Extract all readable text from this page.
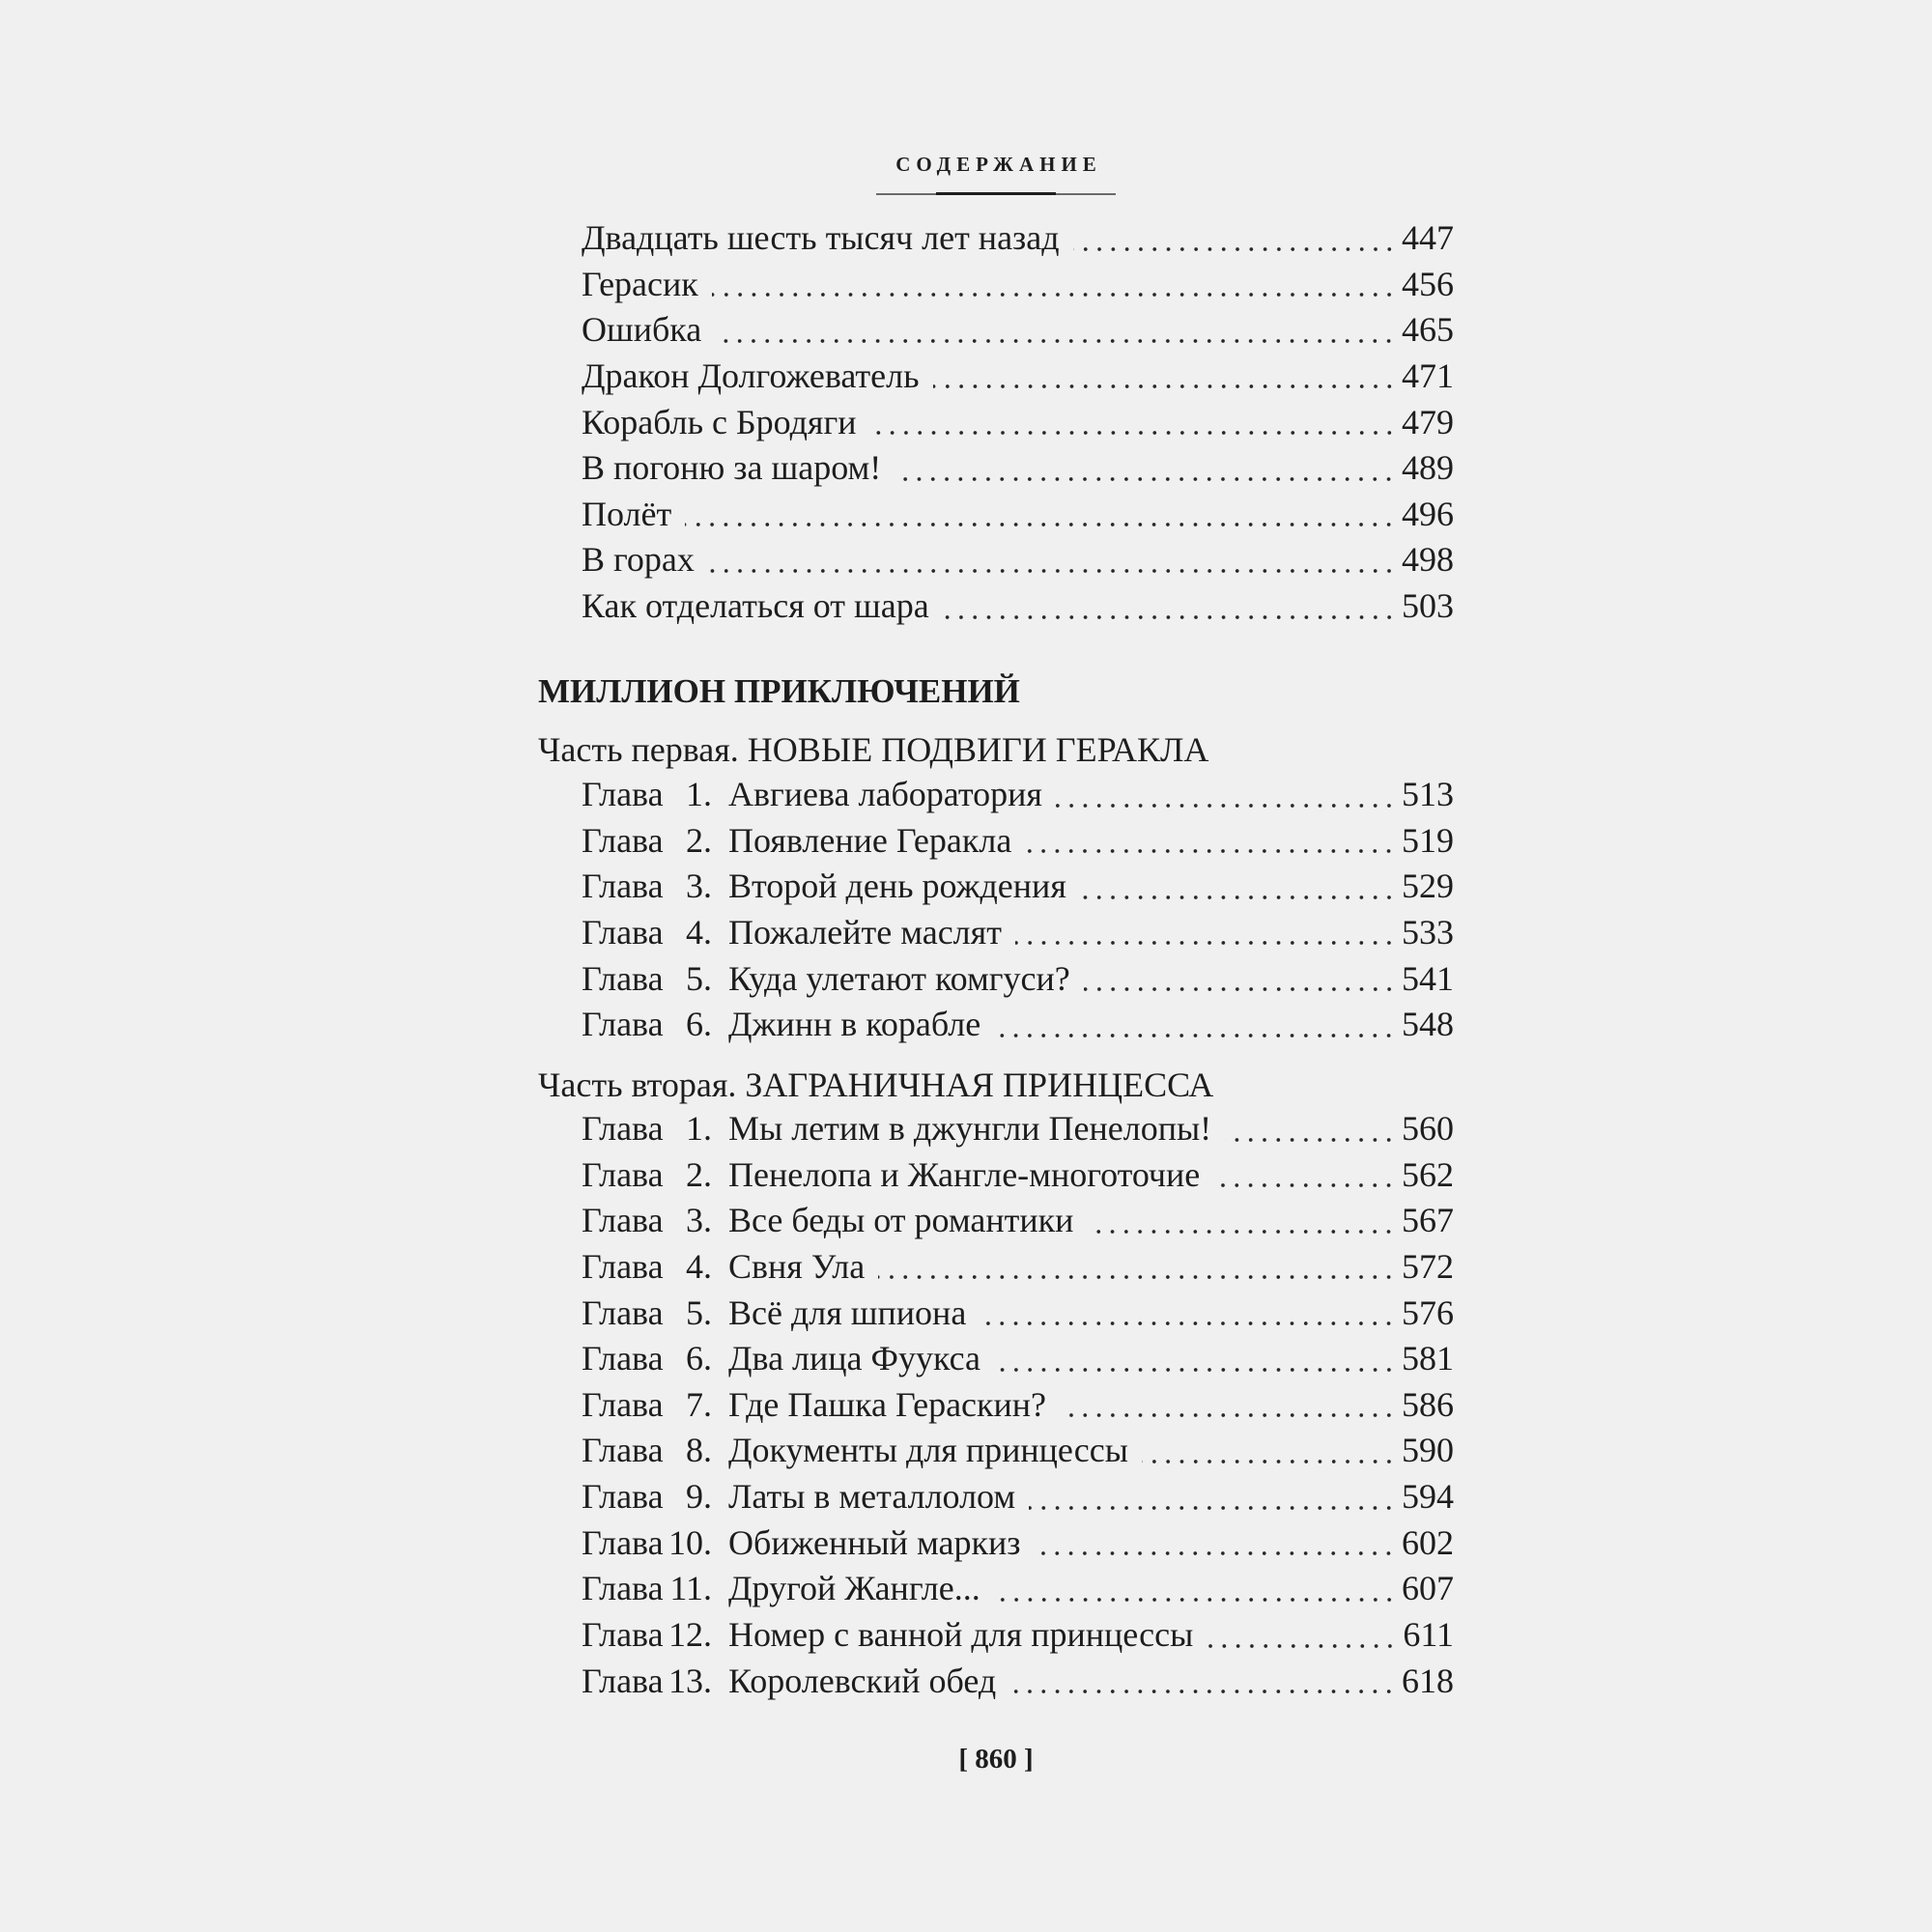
СОДЕРЖАНИЕ
Двадцать шесть тысяч лет назад	447
Герасик	456
Ошибка	465
Дракон Долгожеватель	471
Корабль с Бродяги	479
В погоню за шаром!	489
Полёт	496
В горах	498
Как отделаться от шара	503
МИЛЛИОН ПРИКЛЮЧЕНИЙ
Часть первая. НОВЫЕ ПОДВИГИ ГЕРАКЛА
Глава 1. Авгиева лаборатория	513
Глава 2. Появление Геракла	519
Глава 3. Второй день рождения	529
Глава 4. Пожалейте маслят	533
Глава 5. Куда улетают комгуси?	541
Глава 6. Джинн в корабле	548
Часть вторая. ЗАГРАНИЧНАЯ ПРИНЦЕССА
Глава 1. Мы летим в джунгли Пенелопы!	560
Глава 2. Пенелопа и Жангле-многоточие	562
Глава 3. Все беды от романтики	567
Глава 4. Свня Ула	572
Глава 5. Всё для шпиона	576
Глава 6. Два лица Фуукса	581
Глава 7. Где Пашка Гераскин?	586
Глава 8. Документы для принцессы	590
Глава 9. Латы в металлолом	594
Глава 10. Обиженный маркиз	602
Глава 11. Другой Жангле...	607
Глава 12. Номер с ванной для принцессы	611
Глава 13. Королевский обед	618
[ 860 ]
